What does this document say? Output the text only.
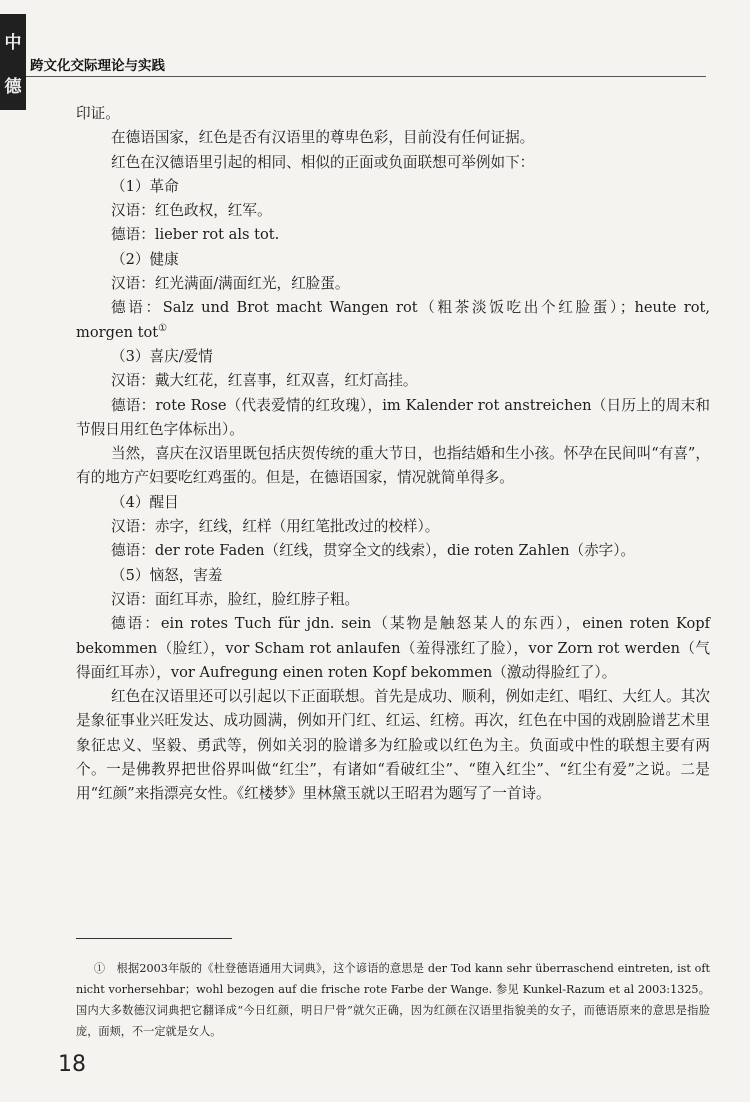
中
德
跨文化交际理论与实践

印证。

在德语国家，红色是否有汉语里的尊卑色彩，目前没有任何证据。

红色在汉德语里引起的相同、相似的正面或负面联想可举例如下：

（1）革命

汉语：红色政权，红军。

德语：lieber rot als tot.

（2）健康

汉语：红光满面/满面红光，红脸蛋。

德语：Salz und Brot macht Wangen rot（粗茶淡饭吃出个红脸蛋）；heute rot, morgen tot①

（3）喜庆/爱情

汉语：戴大红花，红喜事，红双喜，红灯高挂。

德语：rote Rose（代表爱情的红玫瑰），im Kalender rot anstreichen（日历上的周末和节假日用红色字体标出）。

当然，喜庆在汉语里既包括庆贺传统的重大节日，也指结婚和生小孩。怀孕在民间叫“有喜”，有的地方产妇要吃红鸡蛋的。但是，在德语国家，情况就简单得多。

（4）醒目

汉语：赤字，红线，红样（用红笔批改过的校样）。

德语：der rote Faden（红线，贯穿全文的线索），die roten Zahlen（赤字）。

（5）恼怒，害羞

汉语：面红耳赤，脸红，脸红脖子粗。

德语：ein rotes Tuch für jdn. sein（某物是触怒某人的东西），einen roten Kopf bekommen（脸红），vor Scham rot anlaufen（羞得涨红了脸），vor Zorn rot werden（气得面红耳赤），vor Aufregung einen roten Kopf bekommen（激动得脸红了）。

红色在汉语里还可以引起以下正面联想。首先是成功、顺利，例如走红、唱红、大红人。其次是象征事业兴旺发达、成功圆满，例如开门红、红运、红榜。再次，红色在中国的戏剧脸谱艺术里象征忠义、坚毅、勇武等，例如关羽的脸谱多为红脸或以红色为主。负面或中性的联想主要有两个。一是佛教界把世俗界叫做“红尘”，有诸如“看破红尘”、“堕入红尘”、“红尘有爱”之说。二是用“红颜”来指漂亮女性。《红楼梦》里林黛玉就以王昭君为题写了一首诗。

①　根据2003年版的《杜登德语通用大词典》，这个谚语的意思是 der Tod kann sehr überraschend eintreten, ist oft nicht vorhersehbar；wohl bezogen auf die frische rote Farbe der Wange. 参见 Kunkel-Razum et al 2003:1325。国内大多数德汉词典把它翻译成“今日红颜，明日尸骨”就欠正确，因为红颜在汉语里指貌美的女子，而德语原来的意思是指脸庞，面颊，不一定就是女人。

18
